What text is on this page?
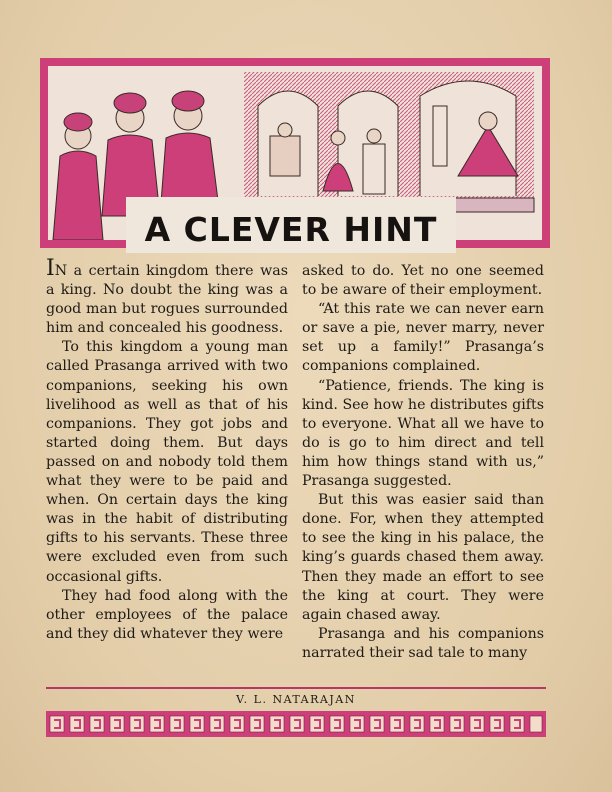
A CLEVER HINT

IN a certain kingdom there was a king. No doubt the king was a good man but rogues surrounded him and concealed his goodness.

To this kingdom a young man called Prasanga arrived with two companions, seeking his own livelihood as well as that of his companions. They got jobs and started doing them. But days passed on and nobody told them what they were to be paid and when. On certain days the king was in the habit of distributing gifts to his servants. These three were excluded even from such occasional gifts.

They had food along with the other employees of the palace and they did whatever they were

asked to do. Yet no one seemed to be aware of their employment.

“At this rate we can never earn or save a pie, never marry, never set up a family!” Prasanga’s companions complained.

“Patience, friends. The king is kind. See how he distributes gifts to everyone. What all we have to do is go to him direct and tell him how things stand with us,” Prasanga suggested.

But this was easier said than done. For, when they attempted to see the king in his palace, the king’s guards chased them away. Then they made an effort to see the king at court. They were again chased away.

Prasanga and his companions narrated their sad tale to many

V. L. NATARAJAN
